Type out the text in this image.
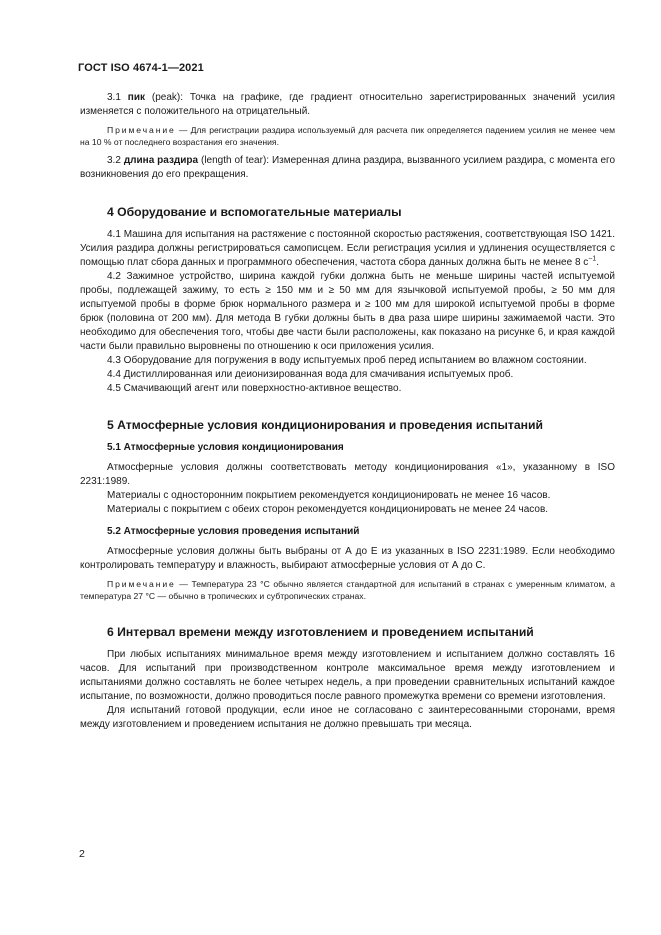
ГОСТ ISO 4674-1—2021

3.1 пик (peak): Точка на графике, где градиент относительно зарегистрированных значений усилия изменяется с положительного на отрицательный.

Примечание — Для регистрации раздира используемый для расчета пик определяется падением усилия не менее чем на 10 % от последнего возрастания его значения.

3.2 длина раздира (length of tear): Измеренная длина раздира, вызванного усилием раздира, с момента его возникновения до его прекращения.

4 Оборудование и вспомогательные материалы

4.1 Машина для испытания на растяжение с постоянной скоростью растяжения, соответствующая ISO 1421. Усилия раздира должны регистрироваться самописцем. Если регистрация усилия и удлинения осуществляется с помощью плат сбора данных и программного обеспечения, частота сбора данных должна быть не менее 8 $с^{-1}$.

4.2 Зажимное устройство, ширина каждой губки должна быть не меньше ширины частей испытуемой пробы, подлежащей зажиму, то есть ≥ 150 мм и ≥ 50 мм для язычковой испытуемой пробы, ≥ 50 мм для испытуемой пробы в форме брюк нормального размера и ≥ 100 мм для широкой испытуемой пробы в форме брюк (половина от 200 мм). Для метода В губки должны быть в два раза шире ширины зажимаемой части. Это необходимо для обеспечения того, чтобы две части были расположены, как показано на рисунке 6, и края каждой части были правильно выровнены по отношению к оси приложения усилия.

4.3 Оборудование для погружения в воду испытуемых проб перед испытанием во влажном состоянии.

4.4 Дистиллированная или деионизированная вода для смачивания испытуемых проб.

4.5 Смачивающий агент или поверхностно-активное вещество.

5 Атмосферные условия кондиционирования и проведения испытаний
5.1 Атмосферные условия кондиционирования

Атмосферные условия должны соответствовать методу кондиционирования «1», указанному в ISO 2231:1989.

Материалы с односторонним покрытием рекомендуется кондиционировать не менее 16 часов.

Материалы с покрытием с обеих сторон рекомендуется кондиционировать не менее 24 часов.

5.2 Атмосферные условия проведения испытаний

Атмосферные условия должны быть выбраны от А до Е из указанных в ISO 2231:1989. Если необходимо контролировать температуру и влажность, выбирают атмосферные условия от А до С.

Примечание — Температура 23 °С обычно является стандартной для испытаний в странах с умеренным климатом, а температура 27 °С — обычно в тропических и субтропических странах.

6 Интервал времени между изготовлением и проведением испытаний

При любых испытаниях минимальное время между изготовлением и испытанием должно составлять 16 часов. Для испытаний при производственном контроле максимальное время между изготовлением и испытаниями должно составлять не более четырех недель, а при проведении сравнительных испытаний каждое испытание, по возможности, должно проводиться после равного промежутка времени со времени изготовления.

Для испытаний готовой продукции, если иное не согласовано с заинтересованными сторонами, время между изготовлением и проведением испытания не должно превышать три месяца.

2
